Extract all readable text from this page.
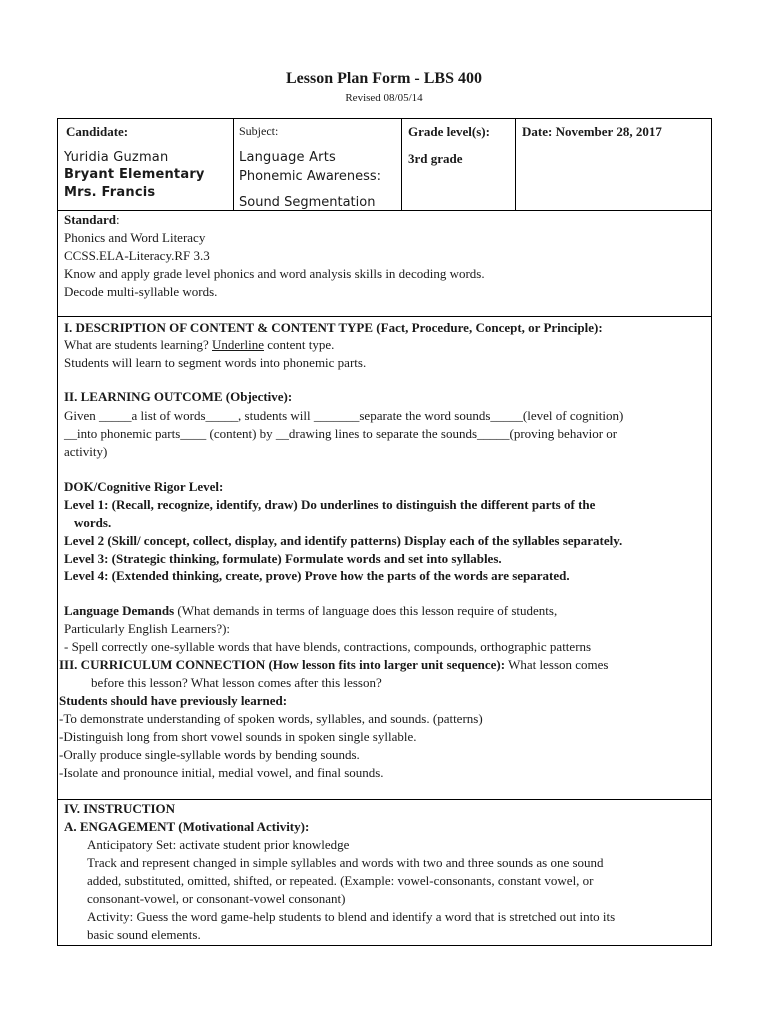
Lesson Plan Form - LBS 400
Revised 08/05/14
Candidate:
Yuridia Guzman
Bryant Elementary
Mrs. Francis
Subject:
Language Arts
Phonemic Awareness:
Sound Segmentation
Grade level(s):
3rd grade
Date: November 28, 2017
Standard:
Phonics and Word Literacy
CCSS.ELA-Literacy.RF 3.3
Know and apply grade level phonics and word analysis skills in decoding words.
Decode multi-syllable words.
I. DESCRIPTION OF CONTENT & CONTENT TYPE (Fact, Procedure, Concept, or Principle):
What are students learning? Underline content type.
Students will learn to segment words into phonemic parts.
II. LEARNING OUTCOME (Objective):
Given _____a list of words_____, students will _______separate the word sounds_____(level of cognition)
__into phonemic parts____ (content) by __drawing lines to separate the sounds_____(proving behavior or
activity)
DOK/Cognitive Rigor Level:
Level 1: (Recall, recognize, identify, draw) Do underlines to distinguish the different parts of the
words.
Level 2 (Skill/ concept, collect, display, and identify patterns) Display each of the syllables separately.
Level 3: (Strategic thinking, formulate) Formulate words and set into syllables.
Level 4: (Extended thinking, create, prove) Prove how the parts of the words are separated.
Language Demands (What demands in terms of language does this lesson require of students,
Particularly English Learners?):
- Spell correctly one-syllable words that have blends, contractions, compounds, orthographic patterns
III. CURRICULUM CONNECTION (How lesson fits into larger unit sequence): What lesson comes
before this lesson? What lesson comes after this lesson?
Students should have previously learned:
-To demonstrate understanding of spoken words, syllables, and sounds. (patterns)
-Distinguish long from short vowel sounds in spoken single syllable.
-Orally produce single-syllable words by bending sounds.
-Isolate and pronounce initial, medial vowel, and final sounds.
IV. INSTRUCTION
A. ENGAGEMENT (Motivational Activity):
Anticipatory Set: activate student prior knowledge
Track and represent changed in simple syllables and words with two and three sounds as one sound
added, substituted, omitted, shifted, or repeated. (Example: vowel-consonants, constant vowel, or
consonant-vowel, or consonant-vowel consonant)
Activity: Guess the word game-help students to blend and identify a word that is stretched out into its
basic sound elements.
